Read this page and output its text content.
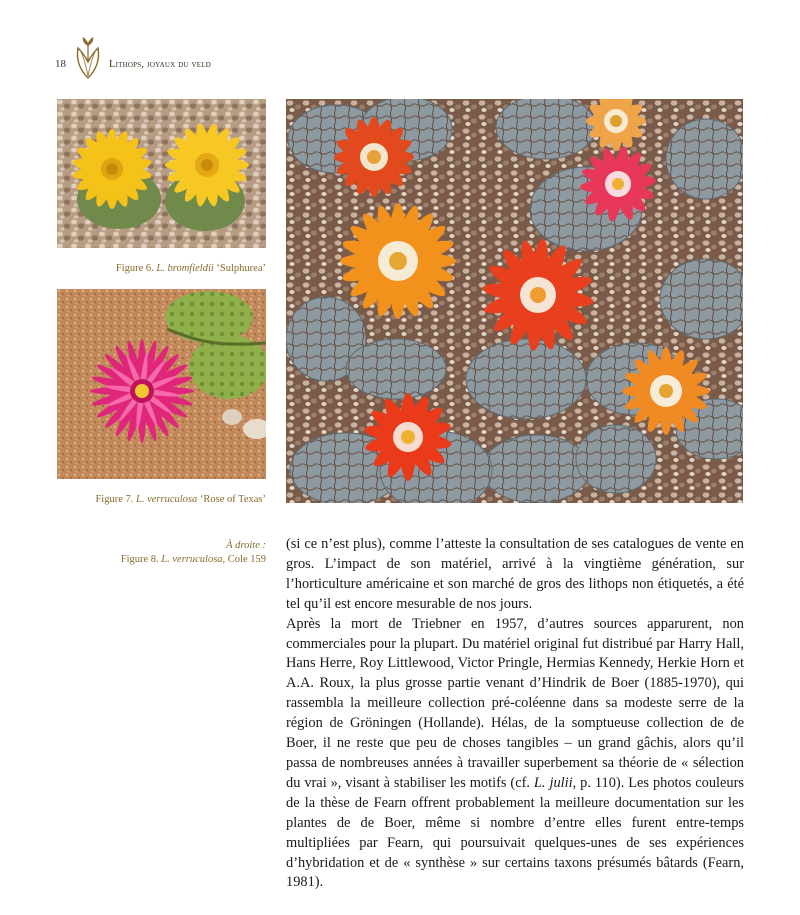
18	Lithops, joyaux du veld
Figure 6. L. bromfieldii ‘Sulphurea’
Figure 7. L. verruculosa ‘Rose of Texas’
À droite :
Figure 8. L. verruculosa, Cole 159

(si ce n’est plus), comme l’atteste la consultation de ses catalogues de vente en gros. L’impact de son matériel, arrivé à la vingtième génération, sur l’horticulture américaine et son marché de gros des lithops non étiquetés, a été tel qu’il est encore mesurable de nos jours.

Après la mort de Triebner en 1957, d’autres sources apparurent, non commerciales pour la plupart. Du matériel original fut distribué par Harry Hall, Hans Herre, Roy Littlewood, Victor Pringle, Hermias Kennedy, Herkie Horn et A.A. Roux, la plus grosse partie venant d’Hindrik de Boer (1885-1970), qui rassembla la meilleure collection pré-coléenne dans sa modeste serre de la région de Gröningen (Hollande). Hélas, de la somptueuse collection de de Boer, il ne reste que peu de choses tangibles – un grand gâchis, alors qu’il passa de nombreuses années à travailler superbement sa théorie de « sélection du vrai », visant à stabiliser les motifs (cf. L. julii, p. 110). Les photos couleurs de la thèse de Fearn offrent probablement la meilleure documentation sur les plantes de de Boer, même si nombre d’entre elles furent entre-temps multipliées par Fearn, qui poursuivait quelques-unes de ses expériences d’hybridation et de « synthèse » sur certains taxons présumés bâtards (Fearn, 1981).
